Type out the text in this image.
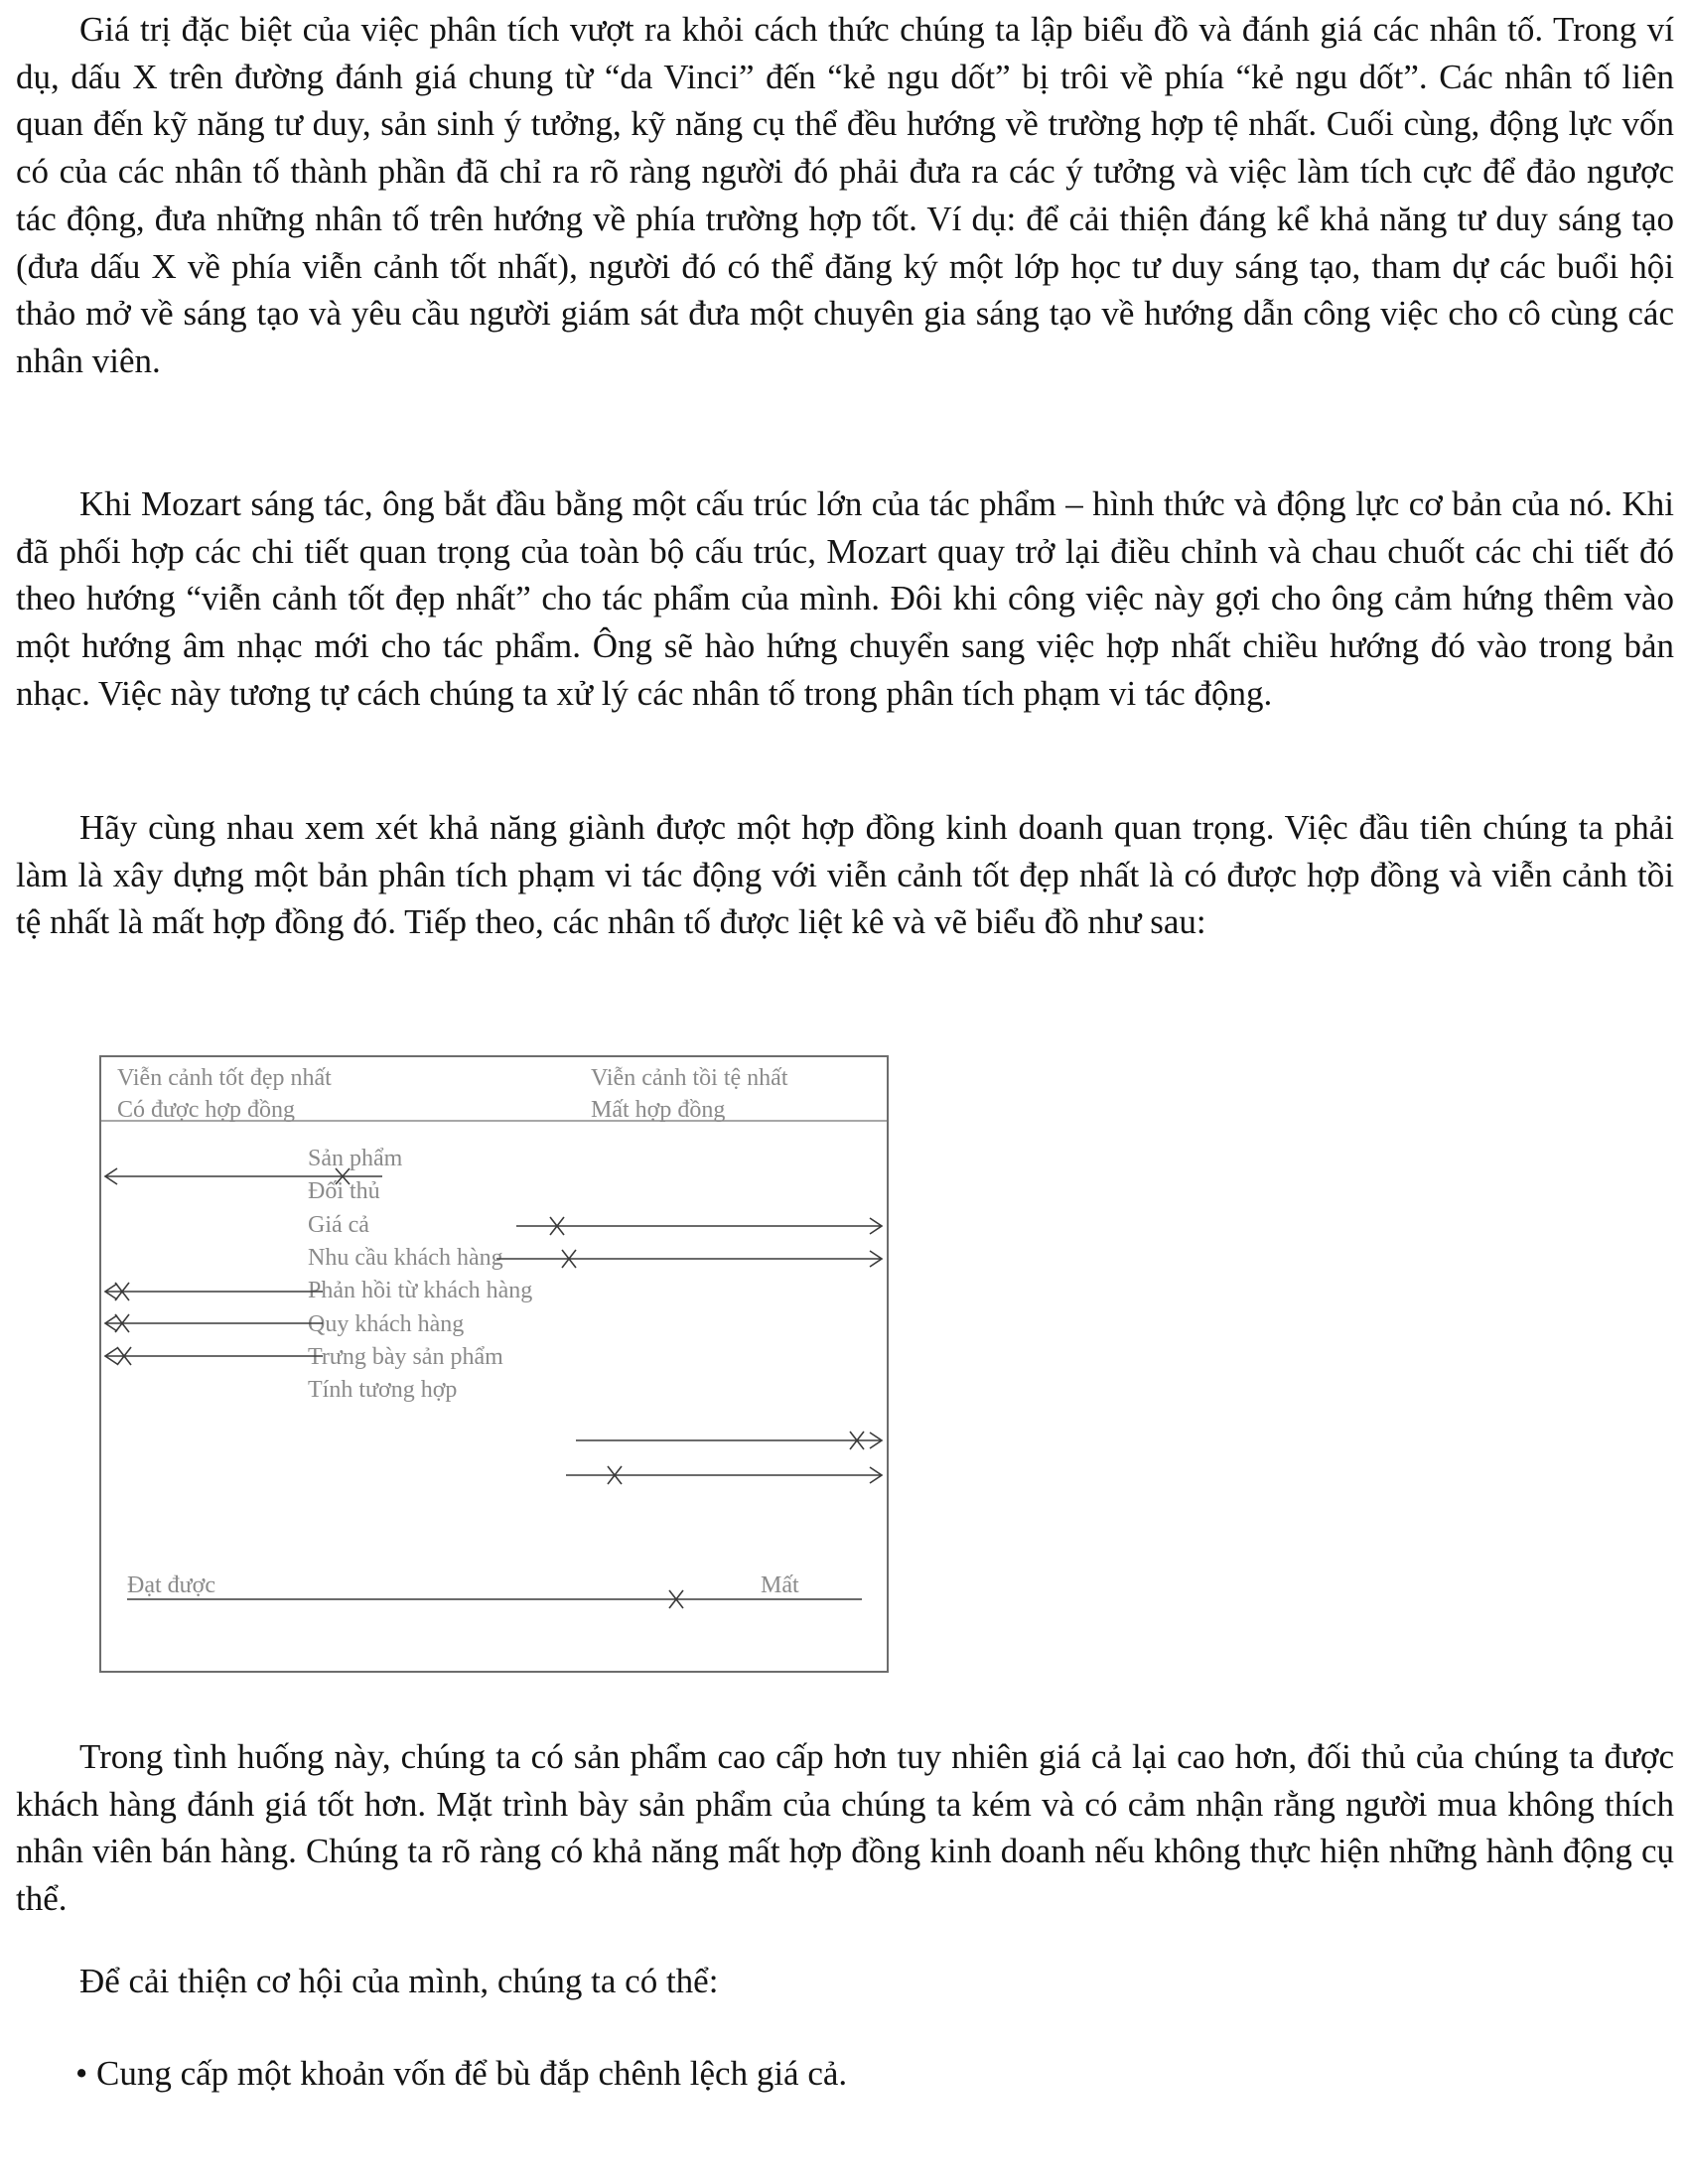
Giá trị đặc biệt của việc phân tích vượt ra khỏi cách thức chúng ta lập biểu đồ và đánh giá các nhân tố. Trong ví dụ, dấu X trên đường đánh giá chung từ “da Vinci” đến “kẻ ngu dốt” bị trôi về phía “kẻ ngu dốt”. Các nhân tố liên quan đến kỹ năng tư duy, sản sinh ý tưởng, kỹ năng cụ thể đều hướng về trường hợp tệ nhất. Cuối cùng, động lực vốn có của các nhân tố thành phần đã chỉ ra rõ ràng người đó phải đưa ra các ý tưởng và việc làm tích cực để đảo ngược tác động, đưa những nhân tố trên hướng về phía trường hợp tốt. Ví dụ: để cải thiện đáng kể khả năng tư duy sáng tạo (đưa dấu X về phía viễn cảnh tốt nhất), người đó có thể đăng ký một lớp học tư duy sáng tạo, tham dự các buổi hội thảo mở về sáng tạo và yêu cầu người giám sát đưa một chuyên gia sáng tạo về hướng dẫn công việc cho cô cùng các nhân viên.

Khi Mozart sáng tác, ông bắt đầu bằng một cấu trúc lớn của tác phẩm – hình thức và động lực cơ bản của nó. Khi đã phối hợp các chi tiết quan trọng của toàn bộ cấu trúc, Mozart quay trở lại điều chỉnh và chau chuốt các chi tiết đó theo hướng “viễn cảnh tốt đẹp nhất” cho tác phẩm của mình. Đôi khi công việc này gợi cho ông cảm hứng thêm vào một hướng âm nhạc mới cho tác phẩm. Ông sẽ hào hứng chuyển sang việc hợp nhất chiều hướng đó vào trong bản nhạc. Việc này tương tự cách chúng ta xử lý các nhân tố trong phân tích phạm vi tác động.

Hãy cùng nhau xem xét khả năng giành được một hợp đồng kinh doanh quan trọng. Việc đầu tiên chúng ta phải làm là xây dựng một bản phân tích phạm vi tác động với viễn cảnh tốt đẹp nhất là có được hợp đồng và viễn cảnh tồi tệ nhất là mất hợp đồng đó. Tiếp theo, các nhân tố được liệt kê và vẽ biểu đồ như sau:

Viễn cảnh tốt đẹp nhất
Có được hợp đồng
Viễn cảnh tồi tệ nhất
Mất hợp đồng
Sản phẩm
Đối thủ
Giá cả
Nhu cầu khách hàng
Phản hồi từ khách hàng
Quy khách hàng
Trưng bày sản phẩm
Tính tương hợp
Đạt được	Mất

Trong tình huống này, chúng ta có sản phẩm cao cấp hơn tuy nhiên giá cả lại cao hơn, đối thủ của chúng ta được khách hàng đánh giá tốt hơn. Mặt trình bày sản phẩm của chúng ta kém và có cảm nhận rằng người mua không thích nhân viên bán hàng. Chúng ta rõ ràng có khả năng mất hợp đồng kinh doanh nếu không thực hiện những hành động cụ thể.

Để cải thiện cơ hội của mình, chúng ta có thể:

• Cung cấp một khoản vốn để bù đắp chênh lệch giá cả.
